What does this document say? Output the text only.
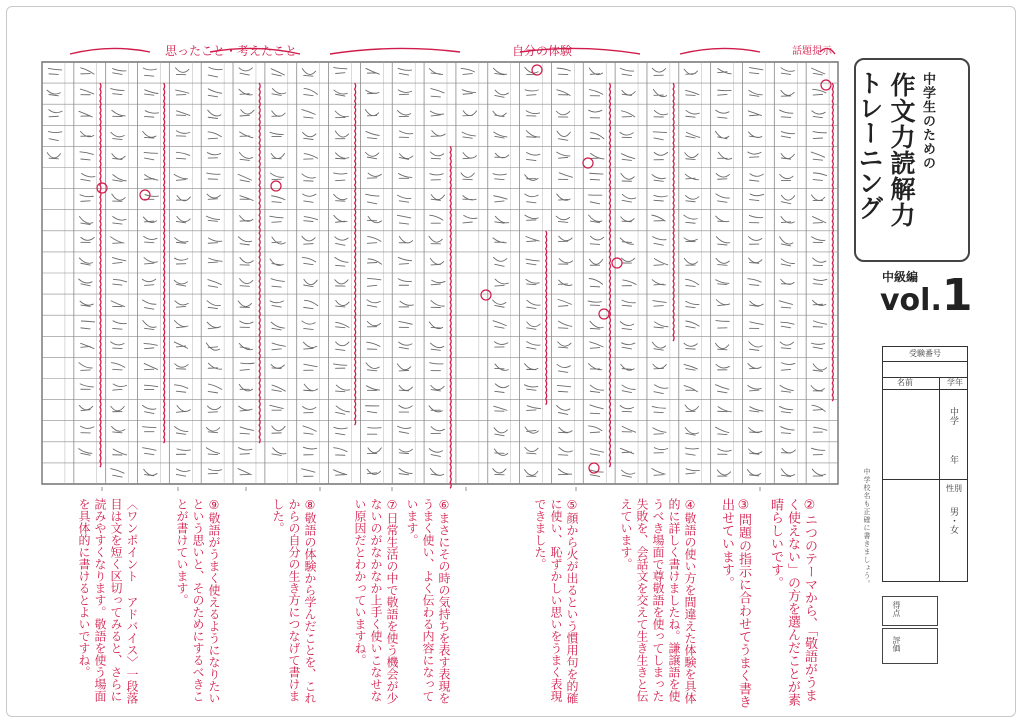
思ったこと・考えたこと	自分の体験	話題提示
中学生のための
作文力読解力
トレーニング
中級編
vol.1
受験番号
名前	学年
中学
年
性別
男・女
得点
評価
中学校名も正確に書きましょう。
②ニつのテーマから、「敬語がうまく使えない」の方を選んだことが素晴らしいです。
③問題の指示に合わせてうまく書き出せています。
④敬語の使い方を間違えた体験を具体的に詳しく書けましたね。謙譲語を使うべき場面で尊敬語を使ってしまった失敗を、会話文を交えて生き生きと伝えています。
⑤顔から火が出るという慣用句を的確に使い、恥ずかしい思いをうまく表現できました。
⑥まさにその時の気持ちを表す表現をうまく使い、よく伝わる内容になっています。
⑦日常生活の中で敬語を使う機会が少ないのがなかなか上手く使いこなせない原因だとわかっていますね。
⑧敬語の体験から学んだことを、これからの自分の生き方につなげて書けました。
⑨敬語がうまく使えるようになりたいという思いと、そのためにするべきことが書けています。
〈ワンポイント アドバイス〉一段落目は文を短く区切ってみると、さらに読みやすくなります。敬語を使う場面を具体的に書けるとよいですね。
